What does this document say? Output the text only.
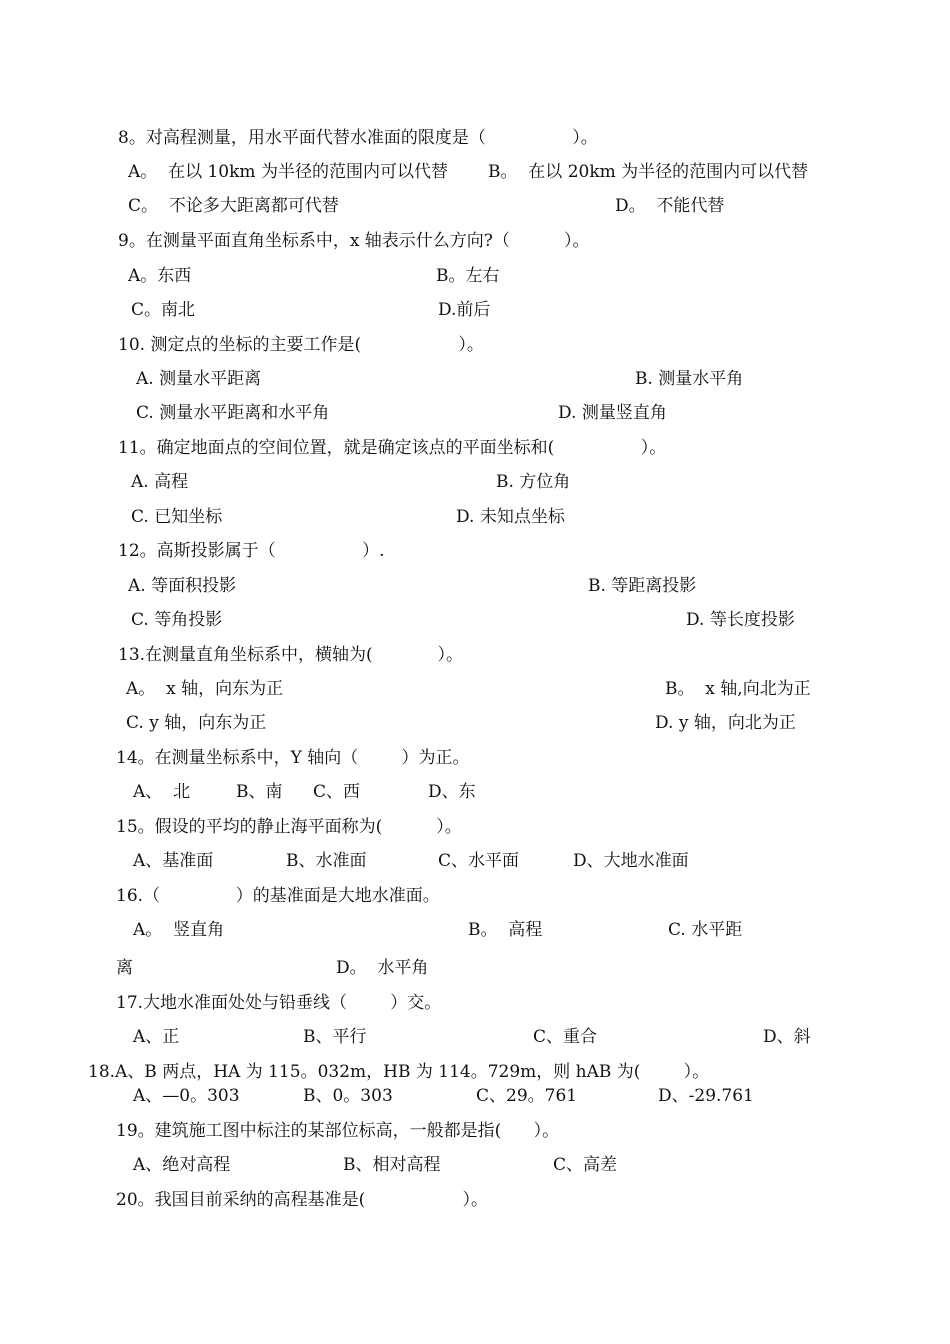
8。对高程测量，用水平面代替水准面的限度是（                ）。
A。  在以 10km 为半径的范围内可以代替 B。  在以 20km 为半径的范围内可以代替
C。  不论多大距离都可代替	D。  不能代替
9。在测量平面直角坐标系中，x 轴表示什么方向?（          ）。
A。东西	B。左右
C。南北	D.前后
10. 测定点的坐标的主要工作是(                  ）。
A. 测量水平距离	B. 测量水平角
C. 测量水平距离和水平角	D. 测量竖直角
11。确定地面点的空间位置，就是确定该点的平面坐标和(                ）。
A. 高程	B. 方位角
C. 已知坐标	D. 未知点坐标
12。高斯投影属于（                ）.
A. 等面积投影	B. 等距离投影
C. 等角投影	D. 等长度投影
13.在测量直角坐标系中，横轴为(            ）。
A。  x 轴，向东为正	B。  x 轴,向北为正
C. y 轴，向东为正	D. y 轴，向北为正
14。在测量坐标系中，Y 轴向（        ）为正。
A、  北	B、南 C、西	D、东
15。假设的平均的静止海平面称为(          ）。
A、基准面	B、水准面	C、水平面	D、大地水准面
16.（              ）的基准面是大地水准面。
A。  竖直角	B。  高程	C. 水平距
离	D。  水平角
17.大地水准面处处与铅垂线（        ）交。
A、正	B、平行	C、重合	D、斜
18.A、B 两点，HA 为 115。032m，HB 为 114。729m，则 hAB 为(        ）。
A、—0。303	B、0。303	C、29。761	D、-29.761
19。建筑施工图中标注的某部位标高，一般都是指(      ）。
A、绝对高程	B、相对高程	C、高差
20。我国目前采纳的高程基准是(                  ）。
